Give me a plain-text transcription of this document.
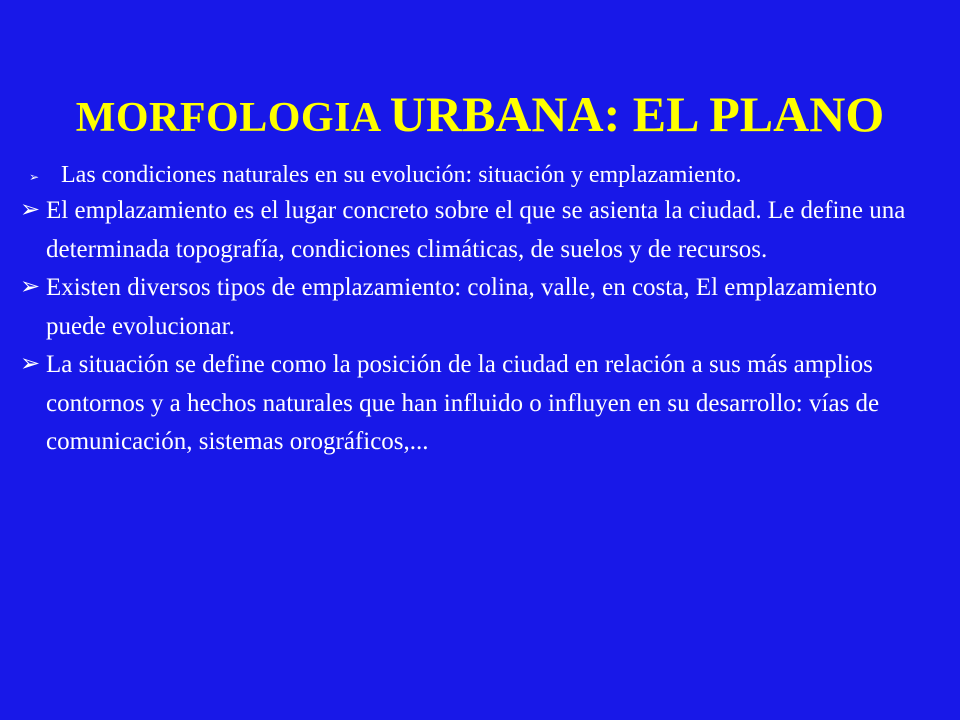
MORFOLOGIA URBANA: EL PLANO
➢ Las condiciones naturales en su evolución: situación y emplazamiento.
➢ El emplazamiento es el lugar concreto sobre el que se asienta la ciudad. Le define una determinada topografía, condiciones climáticas, de suelos y de recursos.
➢ Existen diversos tipos de emplazamiento: colina, valle, en costa, El emplazamiento puede evolucionar.
➢ La situación se define como la posición de la ciudad en relación a sus más amplios contornos y a hechos naturales que han influido o influyen en su desarrollo: vías de comunicación, sistemas orográficos,...
